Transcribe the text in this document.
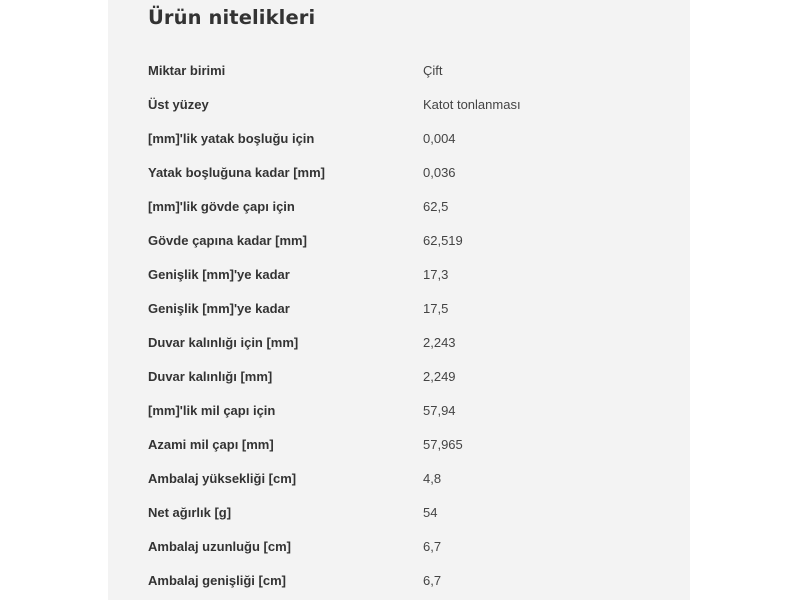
Ürün nitelikleri
Miktar birimi	Çift
Üst yüzey	Katot tonlanması
[mm]'lik yatak boşluğu için	0,004
Yatak boşluğuna kadar [mm]	0,036
[mm]'lik gövde çapı için	62,5
Gövde çapına kadar [mm]	62,519
Genişlik [mm]'ye kadar	17,3
Genişlik [mm]'ye kadar	17,5
Duvar kalınlığı için [mm]	2,243
Duvar kalınlığı [mm]	2,249
[mm]'lik mil çapı için	57,94
Azami mil çapı [mm]	57,965
Ambalaj yüksekliği [cm]	4,8
Net ağırlık [g]	54
Ambalaj uzunluğu [cm]	6,7
Ambalaj genişliği [cm]	6,7
